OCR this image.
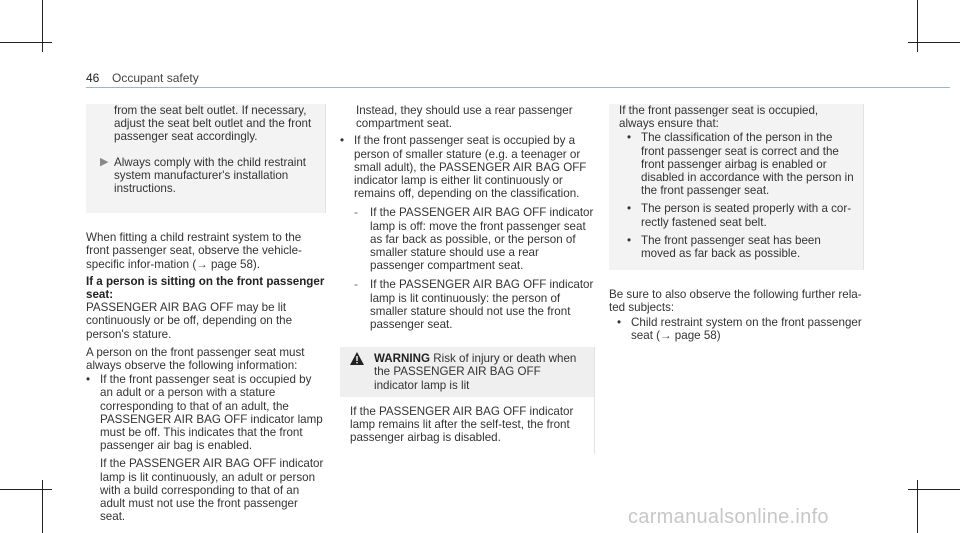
46 Occupant safety

from the seat belt outlet. If necessary, adjust the seat belt outlet and the front passenger seat accordingly.

▶ Always comply with the child restraint system manufacturer's installation instructions.

When fitting a child restraint system to the front passenger seat, observe the vehicle-specific infor-mation (→ page 58).

If a person is sitting on the front passenger seat:

PASSENGER AIR BAG OFF may be lit continuously or be off, depending on the person's stature.

A person on the front passenger seat must always observe the following information:

• If the front passenger seat is occupied by an adult or a person with a stature corresponding to that of an adult, the PASSENGER AIR BAG OFF indicator lamp must be off. This indicates that the front passenger air bag is enabled.

If the PASSENGER AIR BAG OFF indicator lamp is lit continuously, an adult or person with a build corresponding to that of an adult must not use the front passenger seat.

Instead, they should use a rear passenger compartment seat.

• If the front passenger seat is occupied by a person of smaller stature (e.g. a teenager or small adult), the PASSENGER AIR BAG OFF indicator lamp is either lit continuously or remains off, depending on the classification.

-	If the PASSENGER AIR BAG OFF indicator lamp is off: move the front passenger seat as far back as possible, or the person of smaller stature should use a rear passenger compartment seat.

-	If the PASSENGER AIR BAG OFF indicator lamp is lit continuously: the person of smaller stature should not use the front passenger seat.

WARNING Risk of injury or death when the PASSENGER AIR BAG OFF indicator lamp is lit

If the PASSENGER AIR BAG OFF indicator lamp remains lit after the self-test, the front passenger airbag is disabled.

If the front passenger seat is occupied, always ensure that:

• The classification of the person in the front passenger seat is correct and the front passenger airbag is enabled or disabled in accordance with the person in the front passenger seat.

• The person is seated properly with a cor-rectly fastened seat belt.

• The front passenger seat has been moved as far back as possible.

Be sure to also observe the following further rela-ted subjects:

• Child restraint system on the front passenger seat (→ page 58)

carmanualsonline.info
